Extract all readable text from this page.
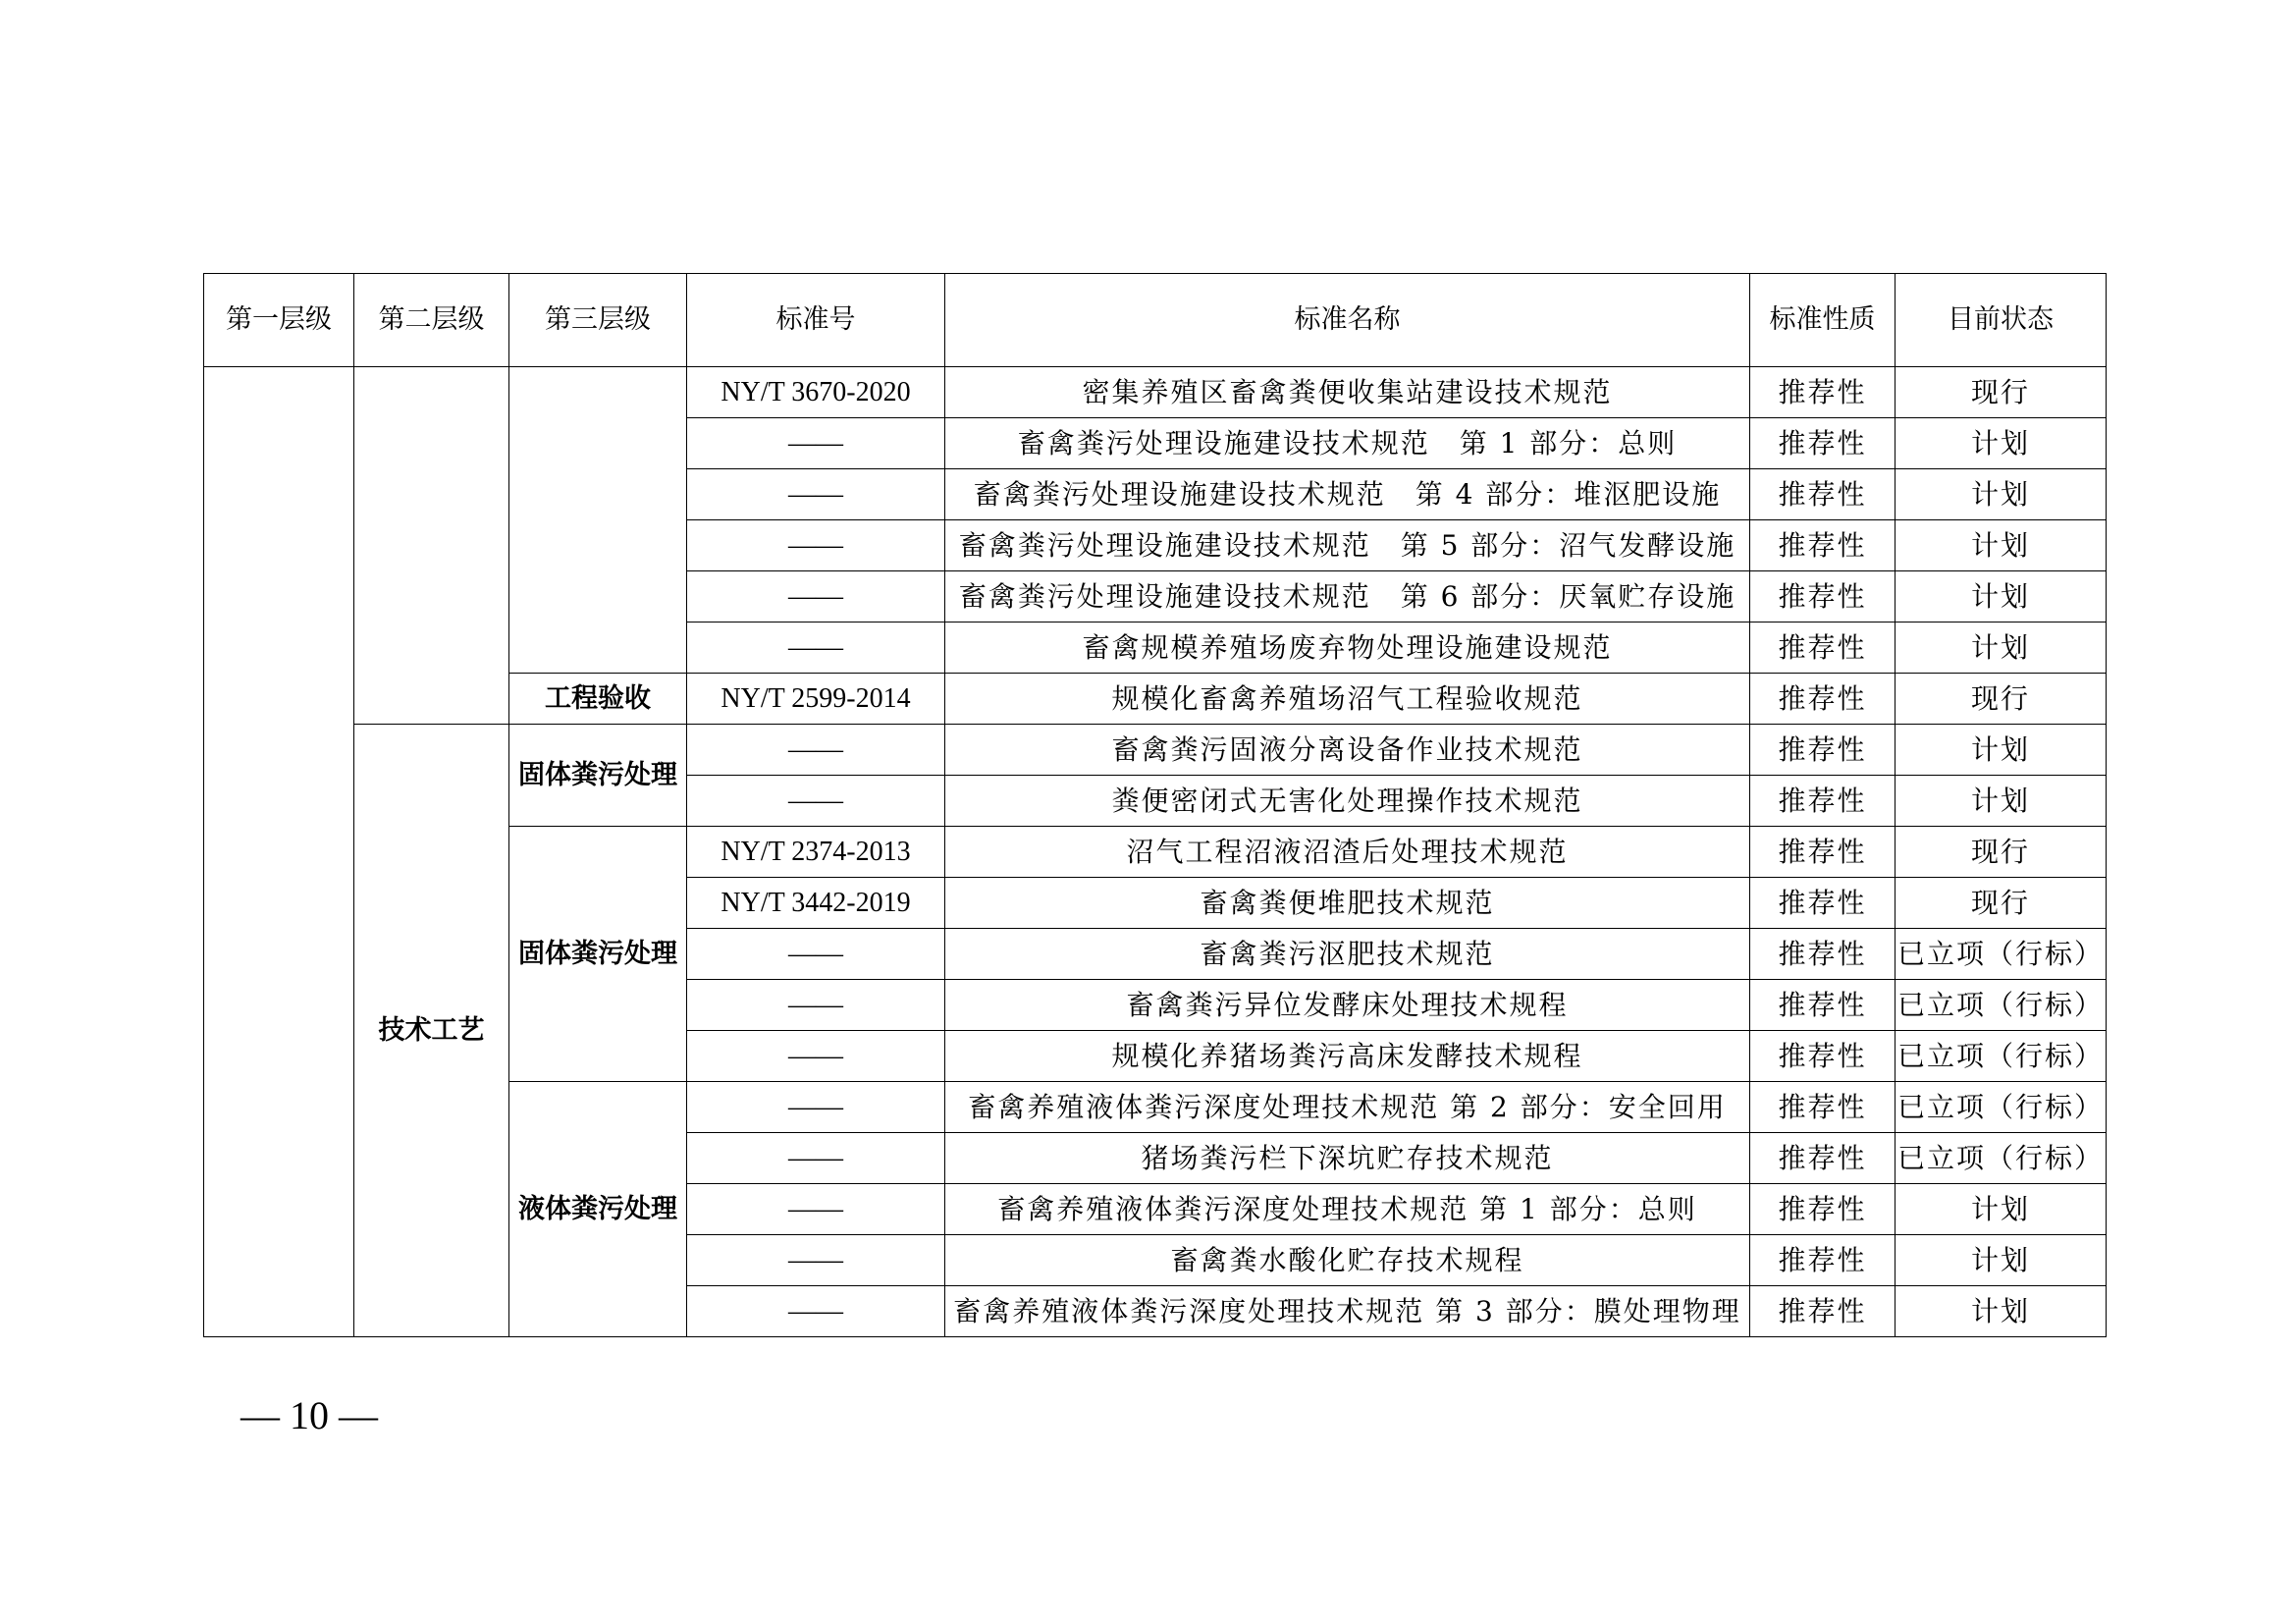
第一层级	第二层级	第三层级	标准号	标准名称	标准性质	目前状态
			NY/T 3670-2020	密集养殖区畜禽粪便收集站建设技术规范	推荐性	现行
			——	畜禽粪污处理设施建设技术规范　第 1 部分：总则	推荐性	计划
			——	畜禽粪污处理设施建设技术规范　第 4 部分：堆沤肥设施	推荐性	计划
			——	畜禽粪污处理设施建设技术规范　第 5 部分：沼气发酵设施	推荐性	计划
			——	畜禽粪污处理设施建设技术规范　第 6 部分：厌氧贮存设施	推荐性	计划
			——	畜禽规模养殖场废弃物处理设施建设规范	推荐性	计划
		工程验收	NY/T 2599-2014	规模化畜禽养殖场沼气工程验收规范	推荐性	现行
	技术工艺	固体粪污处理	——	畜禽粪污固液分离设备作业技术规范	推荐性	计划
			——	粪便密闭式无害化处理操作技术规范	推荐性	计划
		固体粪污处理	NY/T 2374-2013	沼气工程沼液沼渣后处理技术规范	推荐性	现行
			NY/T 3442-2019	畜禽粪便堆肥技术规范	推荐性	现行
			——	畜禽粪污沤肥技术规范	推荐性	已立项（行标）
			——	畜禽粪污异位发酵床处理技术规程	推荐性	已立项（行标）
			——	规模化养猪场粪污高床发酵技术规程	推荐性	已立项（行标）
		液体粪污处理	——	畜禽养殖液体粪污深度处理技术规范 第 2 部分：安全回用	推荐性	已立项（行标）
			——	猪场粪污栏下深坑贮存技术规范	推荐性	已立项（行标）
			——	畜禽养殖液体粪污深度处理技术规范 第 1 部分：总则	推荐性	计划
			——	畜禽粪水酸化贮存技术规程	推荐性	计划
			——	畜禽养殖液体粪污深度处理技术规范 第 3 部分：膜处理物理	推荐性	计划
— 10 —
